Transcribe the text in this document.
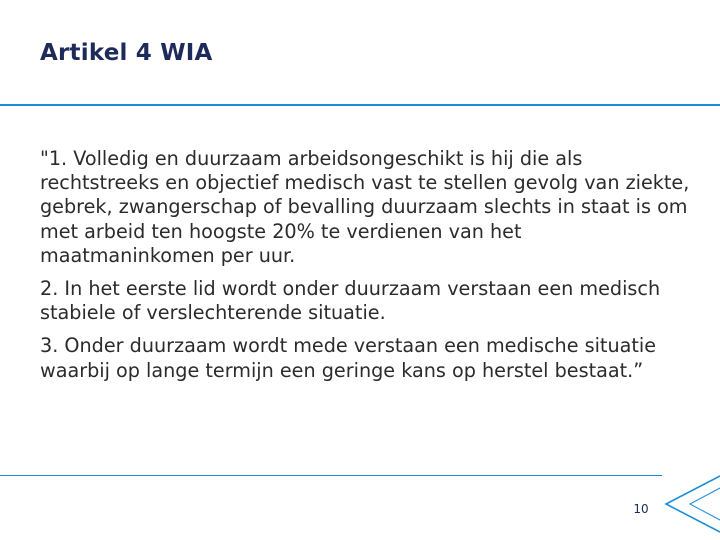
Artikel 4 WIA

"1. Volledig en duurzaam arbeidsongeschikt is hij die als rechtstreeks en objectief medisch vast te stellen gevolg van ziekte, gebrek, zwangerschap of bevalling duurzaam slechts in staat is om met arbeid ten hoogste 20% te verdienen van het maatmaninkomen per uur.

2. In het eerste lid wordt onder duurzaam verstaan een medisch stabiele of verslechterende situatie.

3. Onder duurzaam wordt mede verstaan een medische situatie waarbij op lange termijn een geringe kans op herstel bestaat.”

10
